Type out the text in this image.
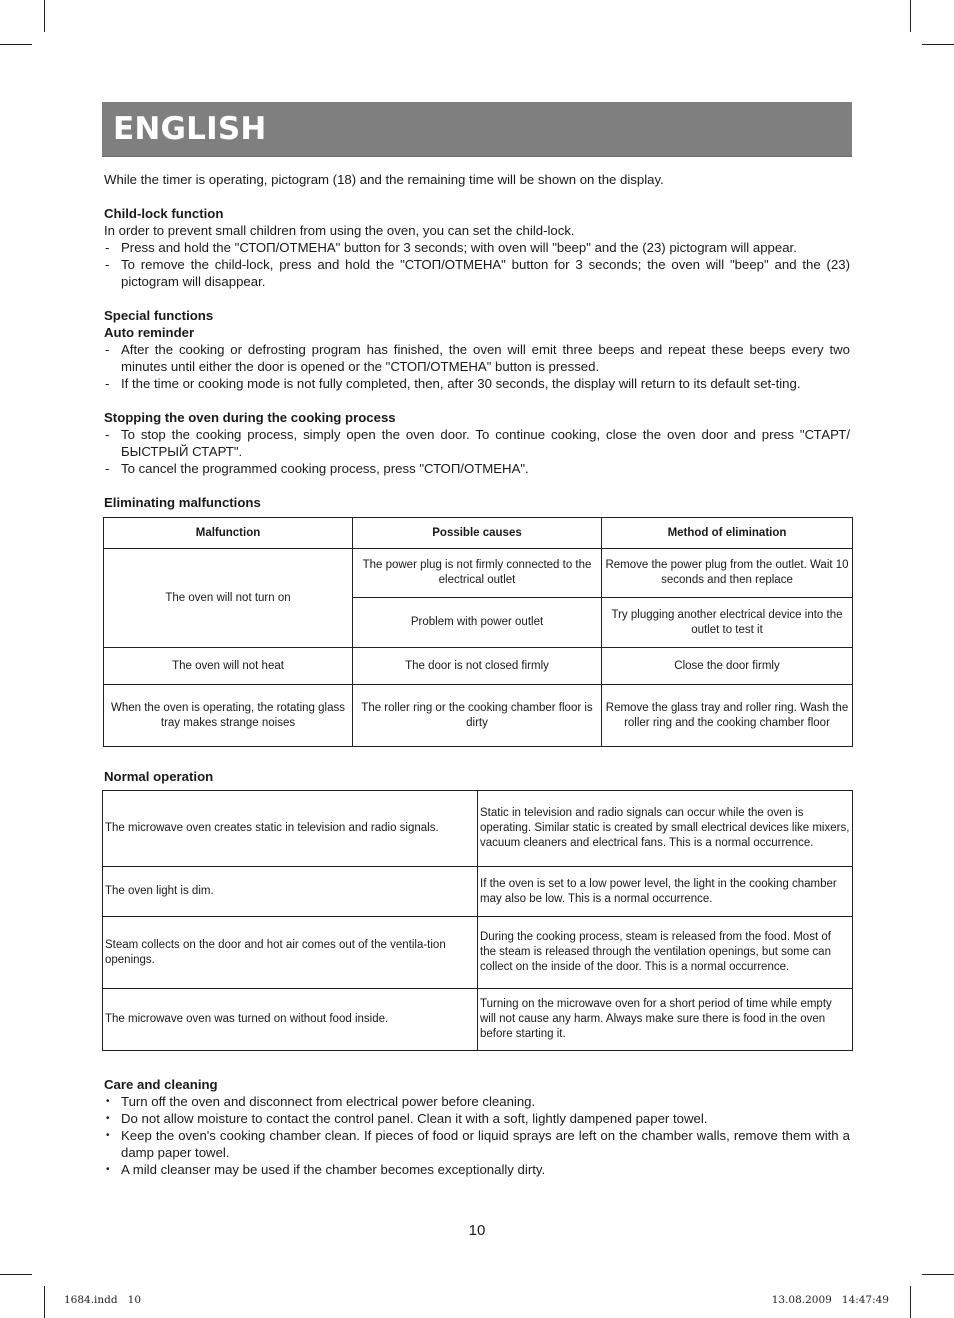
ENGLISH

While the timer is operating, pictogram (18) and the remaining time will be shown on the display.

Child-lock function

In order to prevent small children from using the oven, you can set the child-lock.

- Press and hold the "СТОП/ОТМЕНА" button for 3 seconds; with oven will "beep" and the (23) pictogram will appear.
- To remove the child-lock, press and hold the "СТОП/ОТМЕНА" button for 3 seconds; the oven will "beep" and the (23) pictogram will disappear.

Special functions

Auto reminder

- After the cooking or defrosting program has finished, the oven will emit three beeps and repeat these beeps every two minutes until either the door is opened or the "СТОП/ОТМЕНА" button is pressed.
- If the time or cooking mode is not fully completed, then, after 30 seconds, the display will return to its default set-ting.

Stopping the oven during the cooking process

- To stop the cooking process, simply open the oven door. To continue cooking, close the oven door and press "СТАРТ/БЫСТРЫЙ СТАРТ".
- To cancel the programmed cooking process, press "СТОП/ОТМЕНА".

Eliminating malfunctions

Malfunction	Possible causes	Method of elimination
The oven will not turn on	The power plug is not firmly connected to the electrical outlet	Remove the power plug from the outlet. Wait 10 seconds and then replace
	Problem with power outlet	Try plugging another electrical device into the outlet to test it
The oven will not heat	The door is not closed firmly	Close the door firmly
When the oven is operating, the rotating glass tray makes strange noises	The roller ring or the cooking chamber floor is dirty	Remove the glass tray and roller ring. Wash the roller ring and the cooking chamber floor

Normal operation

The microwave oven creates static in television and radio signals.	Static in television and radio signals can occur while the oven is operating. Similar static is created by small electrical devices like mixers, vacuum cleaners and electrical fans. This is a normal occurrence.
The oven light is dim.	If the oven is set to a low power level, the light in the cooking chamber may also be low. This is a normal occurrence.
Steam collects on the door and hot air comes out of the ventila-tion openings.	During the cooking process, steam is released from the food. Most of the steam is released through the ventilation openings, but some can collect on the inside of the door. This is a normal occurrence.
The microwave oven was turned on without food inside.	Turning on the microwave oven for a short period of time while empty will not cause any harm. Always make sure there is food in the oven before starting it.

Care and cleaning

• Turn off the oven and disconnect from electrical power before cleaning.
• Do not allow moisture to contact the control panel. Clean it with a soft, lightly dampened paper towel.
• Keep the oven's cooking chamber clean. If pieces of food or liquid sprays are left on the chamber walls, remove them with a damp paper towel.
• A mild cleanser may be used if the chamber becomes exceptionally dirty.
10
1684.indd   10	13.08.2009   14:47:49
